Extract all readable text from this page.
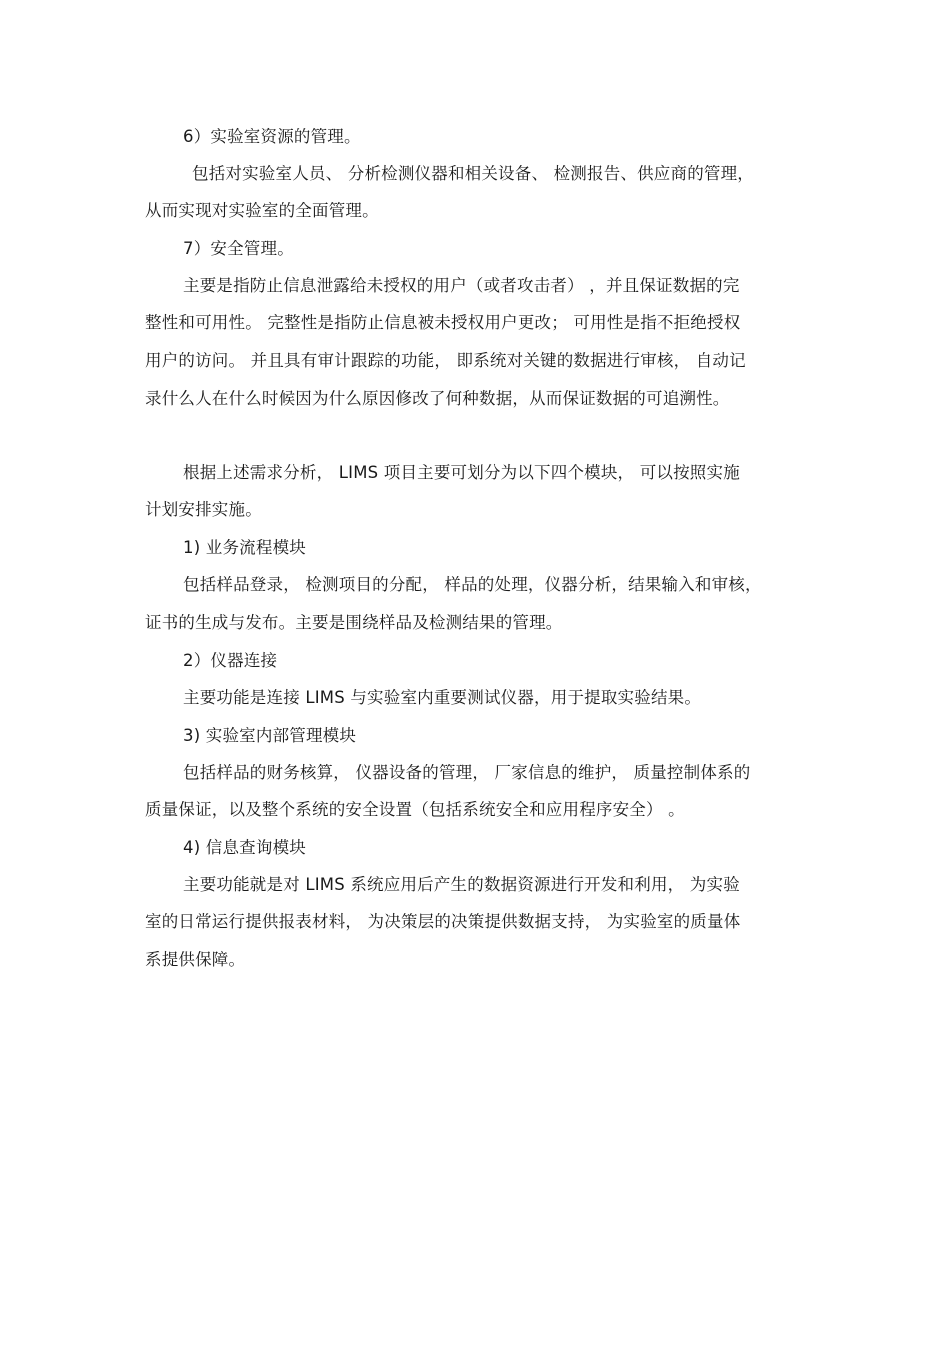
6）实验室资源的管理。
包括对实验室人员、 分析检测仪器和相关设备、 检测报告、供应商的管理，
从而实现对实验室的全面管理。
7）安全管理。
主要是指防止信息泄露给未授权的用户（或者攻击者） ，并且保证数据的完
整性和可用性。 完整性是指防止信息被未授权用户更改； 可用性是指不拒绝授权
用户的访问。 并且具有审计跟踪的功能， 即系统对关键的数据进行审核， 自动记
录什么人在什么时候因为什么原因修改了何种数据，从而保证数据的可追溯性。
根据上述需求分析， LIMS 项目主要可划分为以下四个模块， 可以按照实施
计划安排实施。
1) 业务流程模块
包括样品登录， 检测项目的分配， 样品的处理，仪器分析，结果输入和审核，
证书的生成与发布。主要是围绕样品及检测结果的管理。
2）仪器连接
主要功能是连接 LIMS 与实验室内重要测试仪器，用于提取实验结果。
3) 实验室内部管理模块
包括样品的财务核算， 仪器设备的管理， 厂家信息的维护， 质量控制体系的
质量保证，以及整个系统的安全设置（包括系统安全和应用程序安全） 。
4) 信息查询模块
主要功能就是对 LIMS 系统应用后产生的数据资源进行开发和利用， 为实验
室的日常运行提供报表材料， 为决策层的决策提供数据支持， 为实验室的质量体
系提供保障。
